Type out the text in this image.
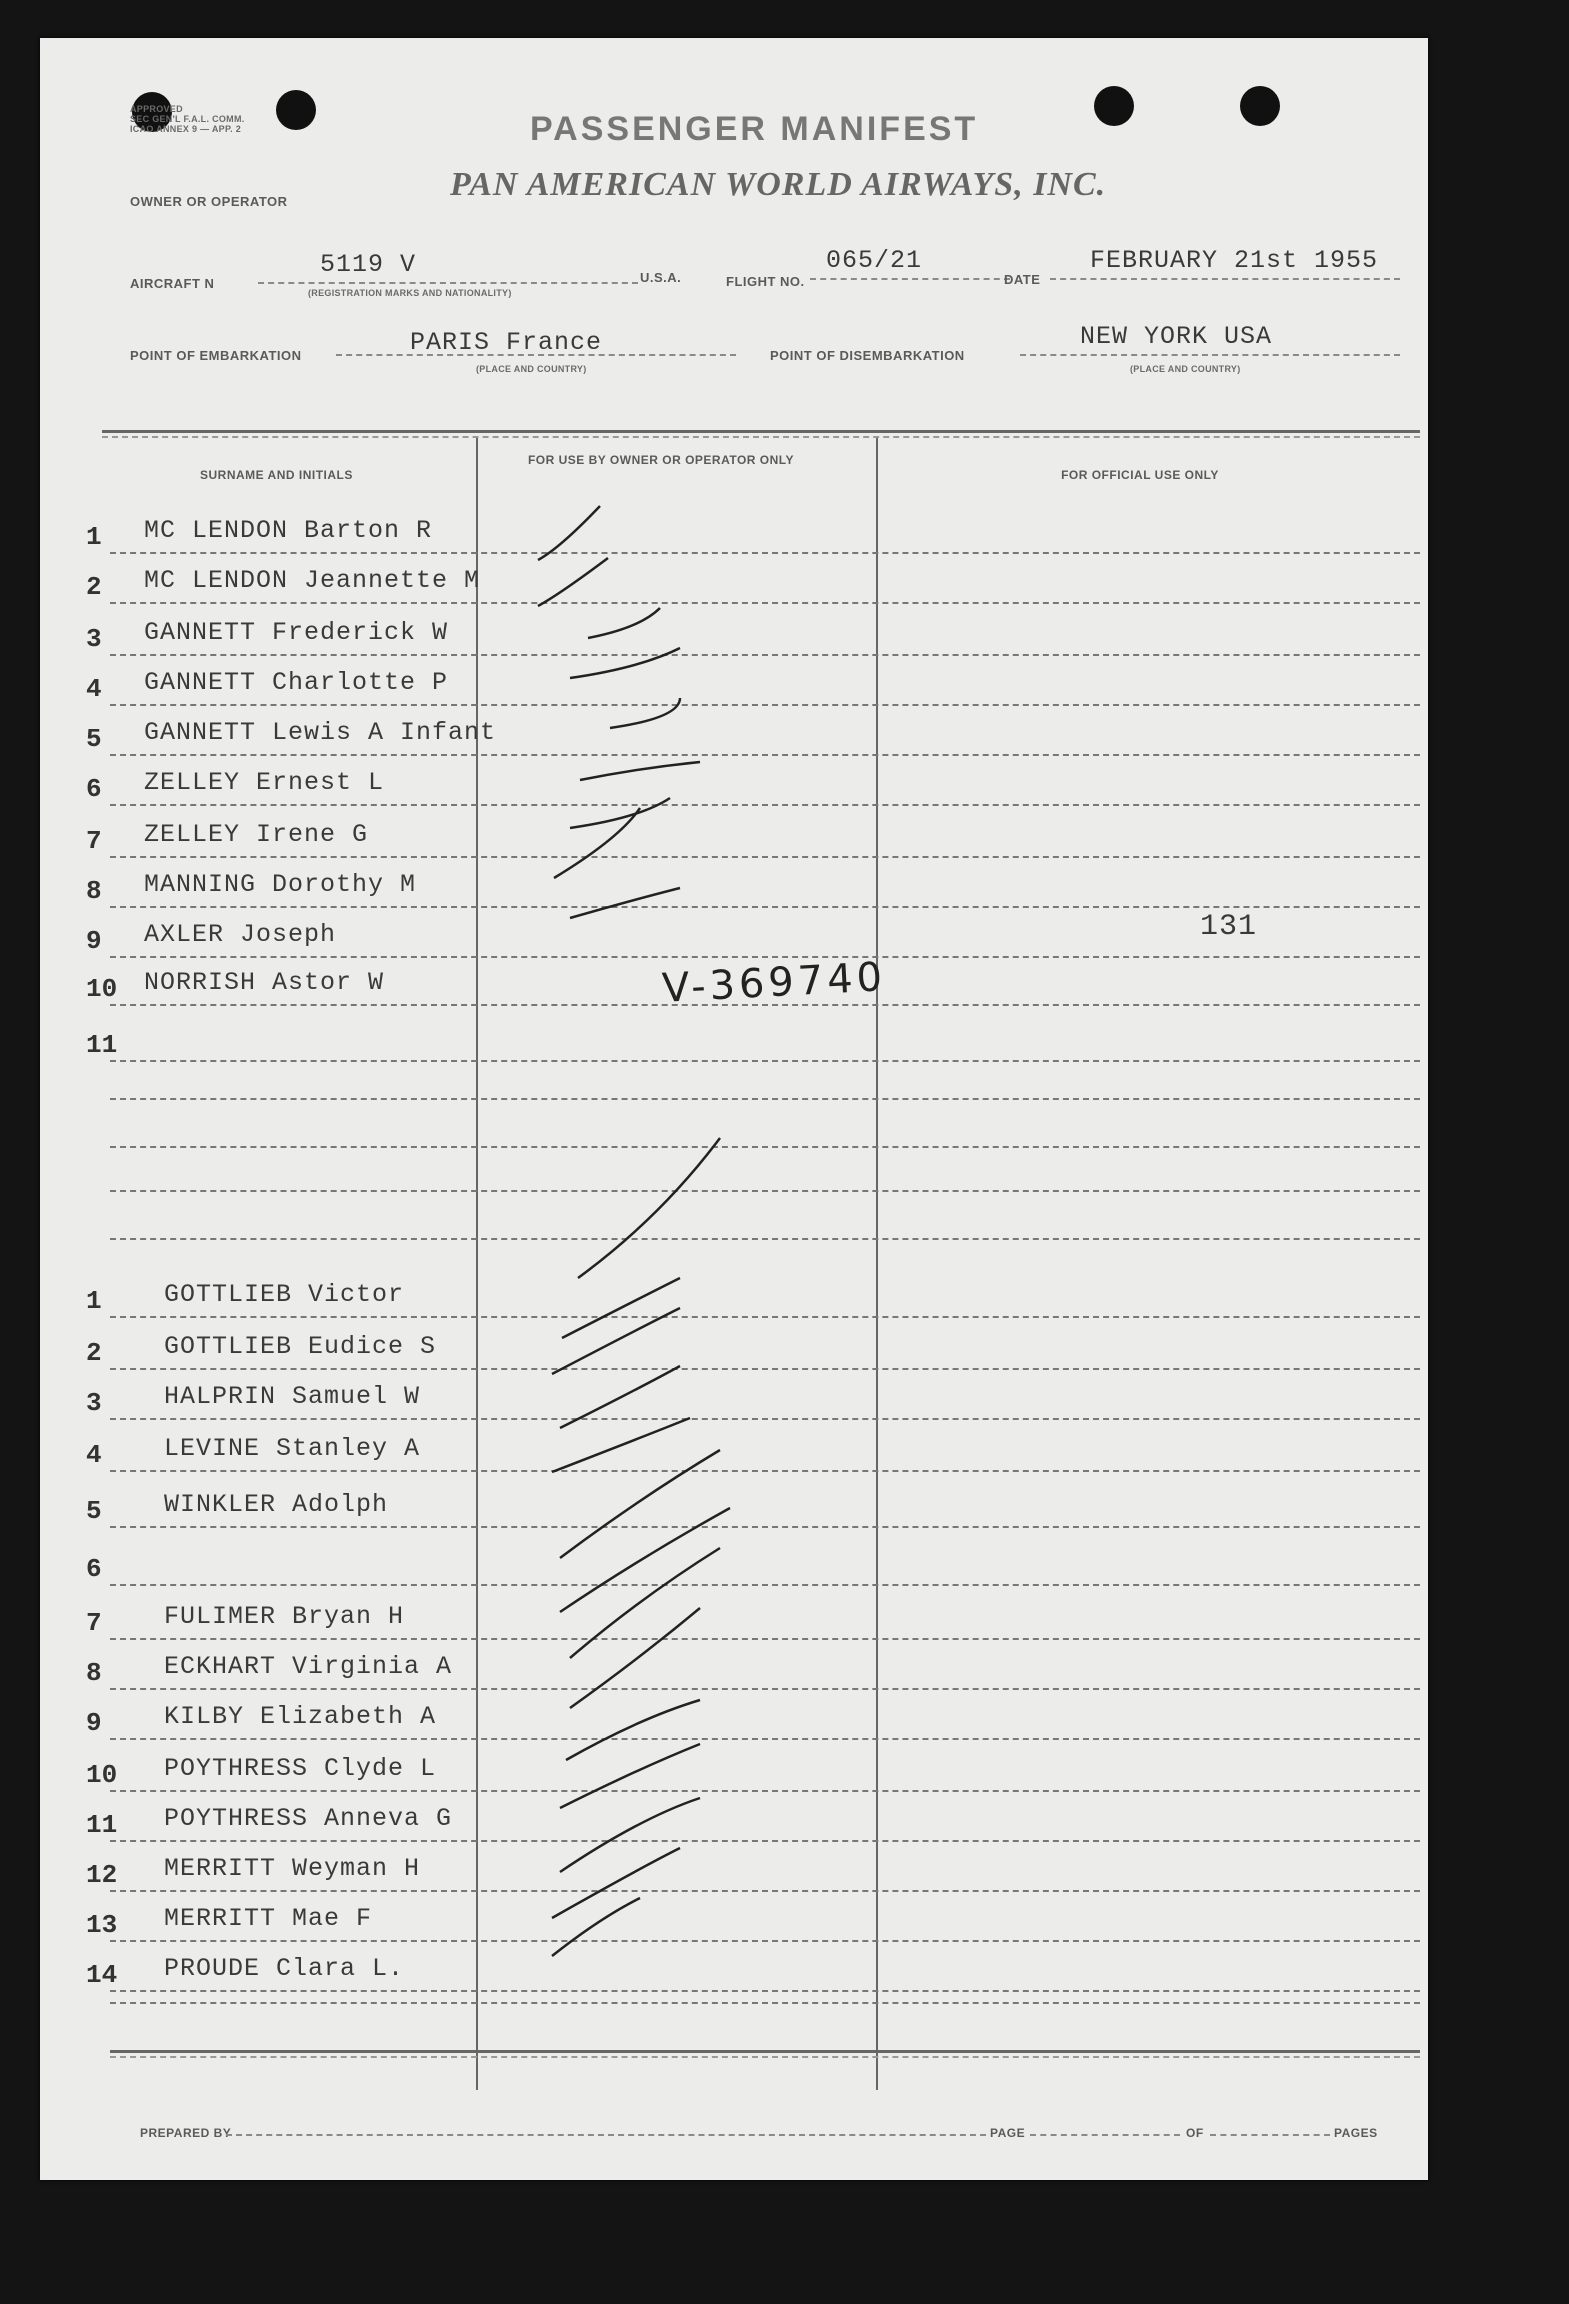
APPROVED
SEC GEN'L F.A.L. COMM.
ICAO ANNEX 9 — APP. 2	PASSENGER MANIFEST
OWNER OR OPERATOR	PAN AMERICAN WORLD AIRWAYS, INC.
AIRCRAFT N
5119 V
(REGISTRATION MARKS AND NATIONALITY)
U.S.A.	FLIGHT NO.
065/21
DATE
FEBRUARY 21st 1955
POINT OF EMBARKATION	PARIS France
(PLACE AND COUNTRY)
POINT OF DISEMBARKATION
NEW YORK USA
(PLACE AND COUNTRY)
SURNAME AND INITIALS
FOR USE BY OWNER OR OPERATOR ONLY
FOR OFFICIAL USE ONLY
1 MC LENDON Barton R
2 MC LENDON Jeannette M
3 GANNETT Frederick W
4 GANNETT Charlotte P
5 GANNETT Lewis A Infant
6 ZELLEY Ernest L
7 ZELLEY Irene G
8 MANNING Dorothy M
9 AXLER Joseph	131
10 NORRISH Astor W	V-369740
11
1 GOTTLIEB Victor
2 GOTTLIEB Eudice S
3 HALPRIN Samuel W
4 LEVINE Stanley A
5 WINKLER Adolph
6
7 FULIMER Bryan H
8 ECKHART Virginia A
9 KILBY Elizabeth A
10 POYTHRESS Clyde L
11 POYTHRESS Anneva G
12 MERRITT Weyman H
13 MERRITT Mae F
14 PROUDE Clara L.
PREPARED BY	PAGE	OF	PAGES
